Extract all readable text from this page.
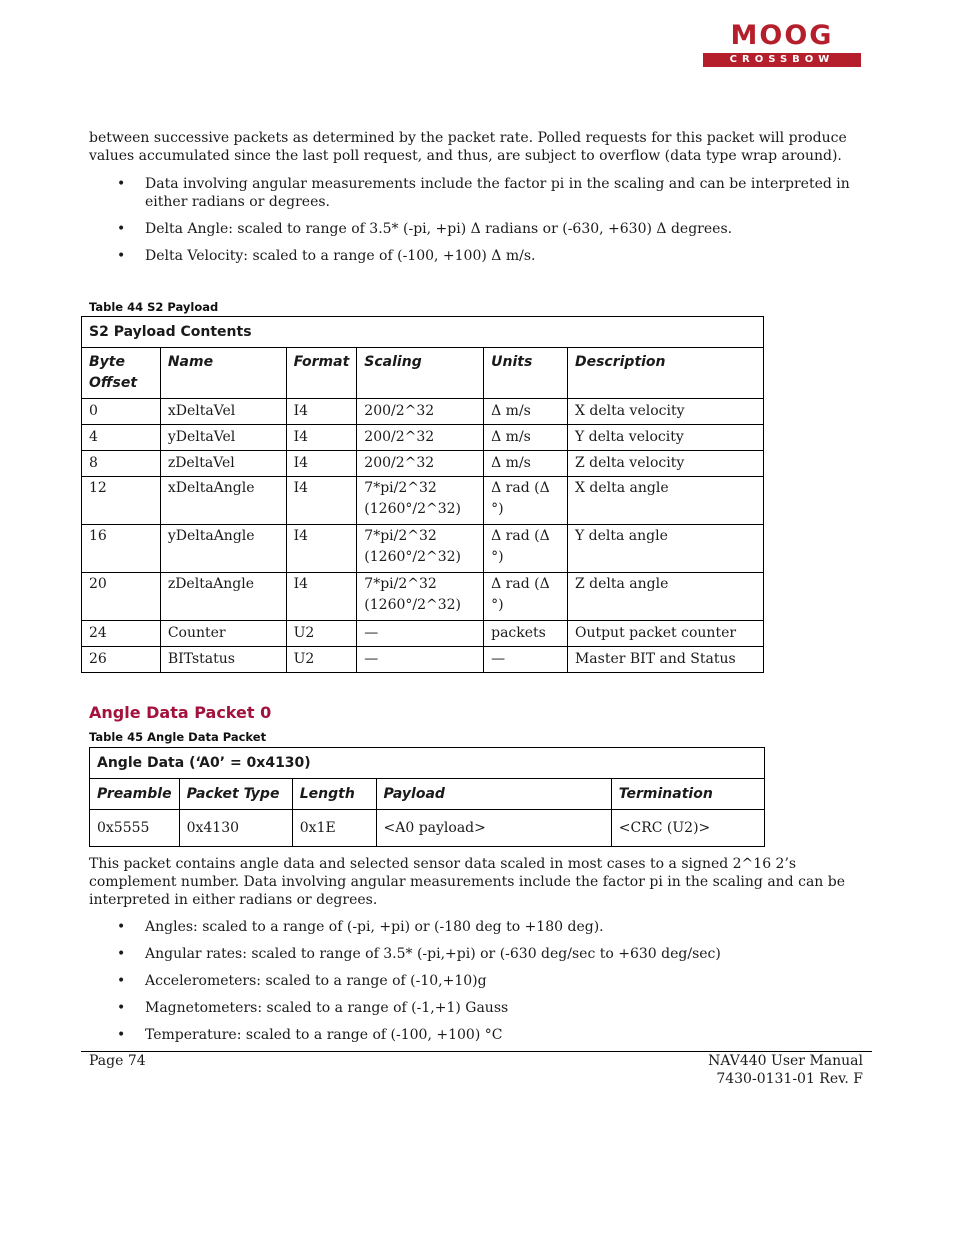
MOOG
CROSSBOW

between successive packets as determined by the packet rate. Polled requests for this packet will produce values accumulated since the last poll request, and thus, are subject to overflow (data type wrap around).

• Data involving angular measurements include the factor pi in the scaling and can be interpreted in either radians or degrees.
• Delta Angle: scaled to range of 3.5* (-pi, +pi) Δ radians or (-630, +630) Δ degrees.
• Delta Velocity: scaled to a range of (-100, +100) Δ m/s.
Table 44 S2 Payload
S2 Payload Contents					
Byte Offset	Name	Format	Scaling	Units	Description
0	xDeltaVel	I4	200/2^32	Δ m/s	X delta velocity
4	yDeltaVel	I4	200/2^32	Δ m/s	Y delta velocity
8	zDeltaVel	I4	200/2^32	Δ m/s	Z delta velocity
12	xDeltaAngle	I4	7*pi/2^32 (1260°/2^32)	Δ rad (Δ °)	X delta angle
16	yDeltaAngle	I4	7*pi/2^32 (1260°/2^32)	Δ rad (Δ °)	Y delta angle
20	zDeltaAngle	I4	7*pi/2^32 (1260°/2^32)	Δ rad (Δ °)	Z delta angle
24	Counter	U2	—	packets	Output packet counter
26	BITstatus	U2	—	—	Master BIT and Status
Angle Data Packet 0
Table 45 Angle Data Packet
Angle Data (‘A0’ = 0x4130)				
Preamble	Packet Type	Length	Payload	Termination
0x5555	0x4130	0x1E	<A0 payload>	<CRC (U2)>

This packet contains angle data and selected sensor data scaled in most cases to a signed 2^16 2’s complement number. Data involving angular measurements include the factor pi in the scaling and can be interpreted in either radians or degrees.

• Angles: scaled to a range of (-pi, +pi) or (-180 deg to +180 deg).
• Angular rates: scaled to range of 3.5* (-pi,+pi) or (-630 deg/sec to +630 deg/sec)
• Accelerometers: scaled to a range of (-10,+10)g
• Magnetometers: scaled to a range of (-1,+1) Gauss
• Temperature: scaled to a range of (-100, +100) °C
Page 74	NAV440 User Manual
7430-0131-01 Rev. F
